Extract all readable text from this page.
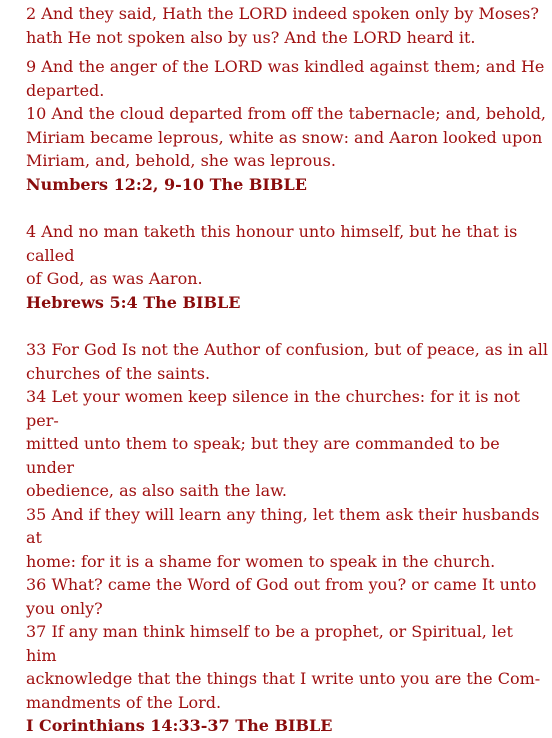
2 And they said, Hath the LORD indeed spoken only by Moses?
hath He not spoken also by us? And the LORD heard it.

9 And the anger of the LORD was kindled against them; and He
departed.

10 And the cloud departed from off the tabernacle; and, behold,
Miriam became leprous, white as snow: and Aaron looked upon
Miriam, and, behold, she was leprous.

Numbers 12:2, 9-10 The BIBLE

4 And no man taketh this honour unto himself, but he that is called
of God, as was Aaron.

Hebrews 5:4 The BIBLE

33 For God Is not the Author of confusion, but of peace, as in all
churches of the saints.

34 Let your women keep silence in the churches: for it is not per-
mitted unto them to speak; but they are commanded to be under
obedience, as also saith the law.

35 And if they will learn any thing, let them ask their husbands at
home: for it is a shame for women to speak in the church.

36 What? came the Word of God out from you? or came It unto
you only?

37 If any man think himself to be a prophet, or Spiritual, let him
acknowledge that the things that I write unto you are the Com-
mandments of the Lord.

I Corinthians 14:33-37 The BIBLE
